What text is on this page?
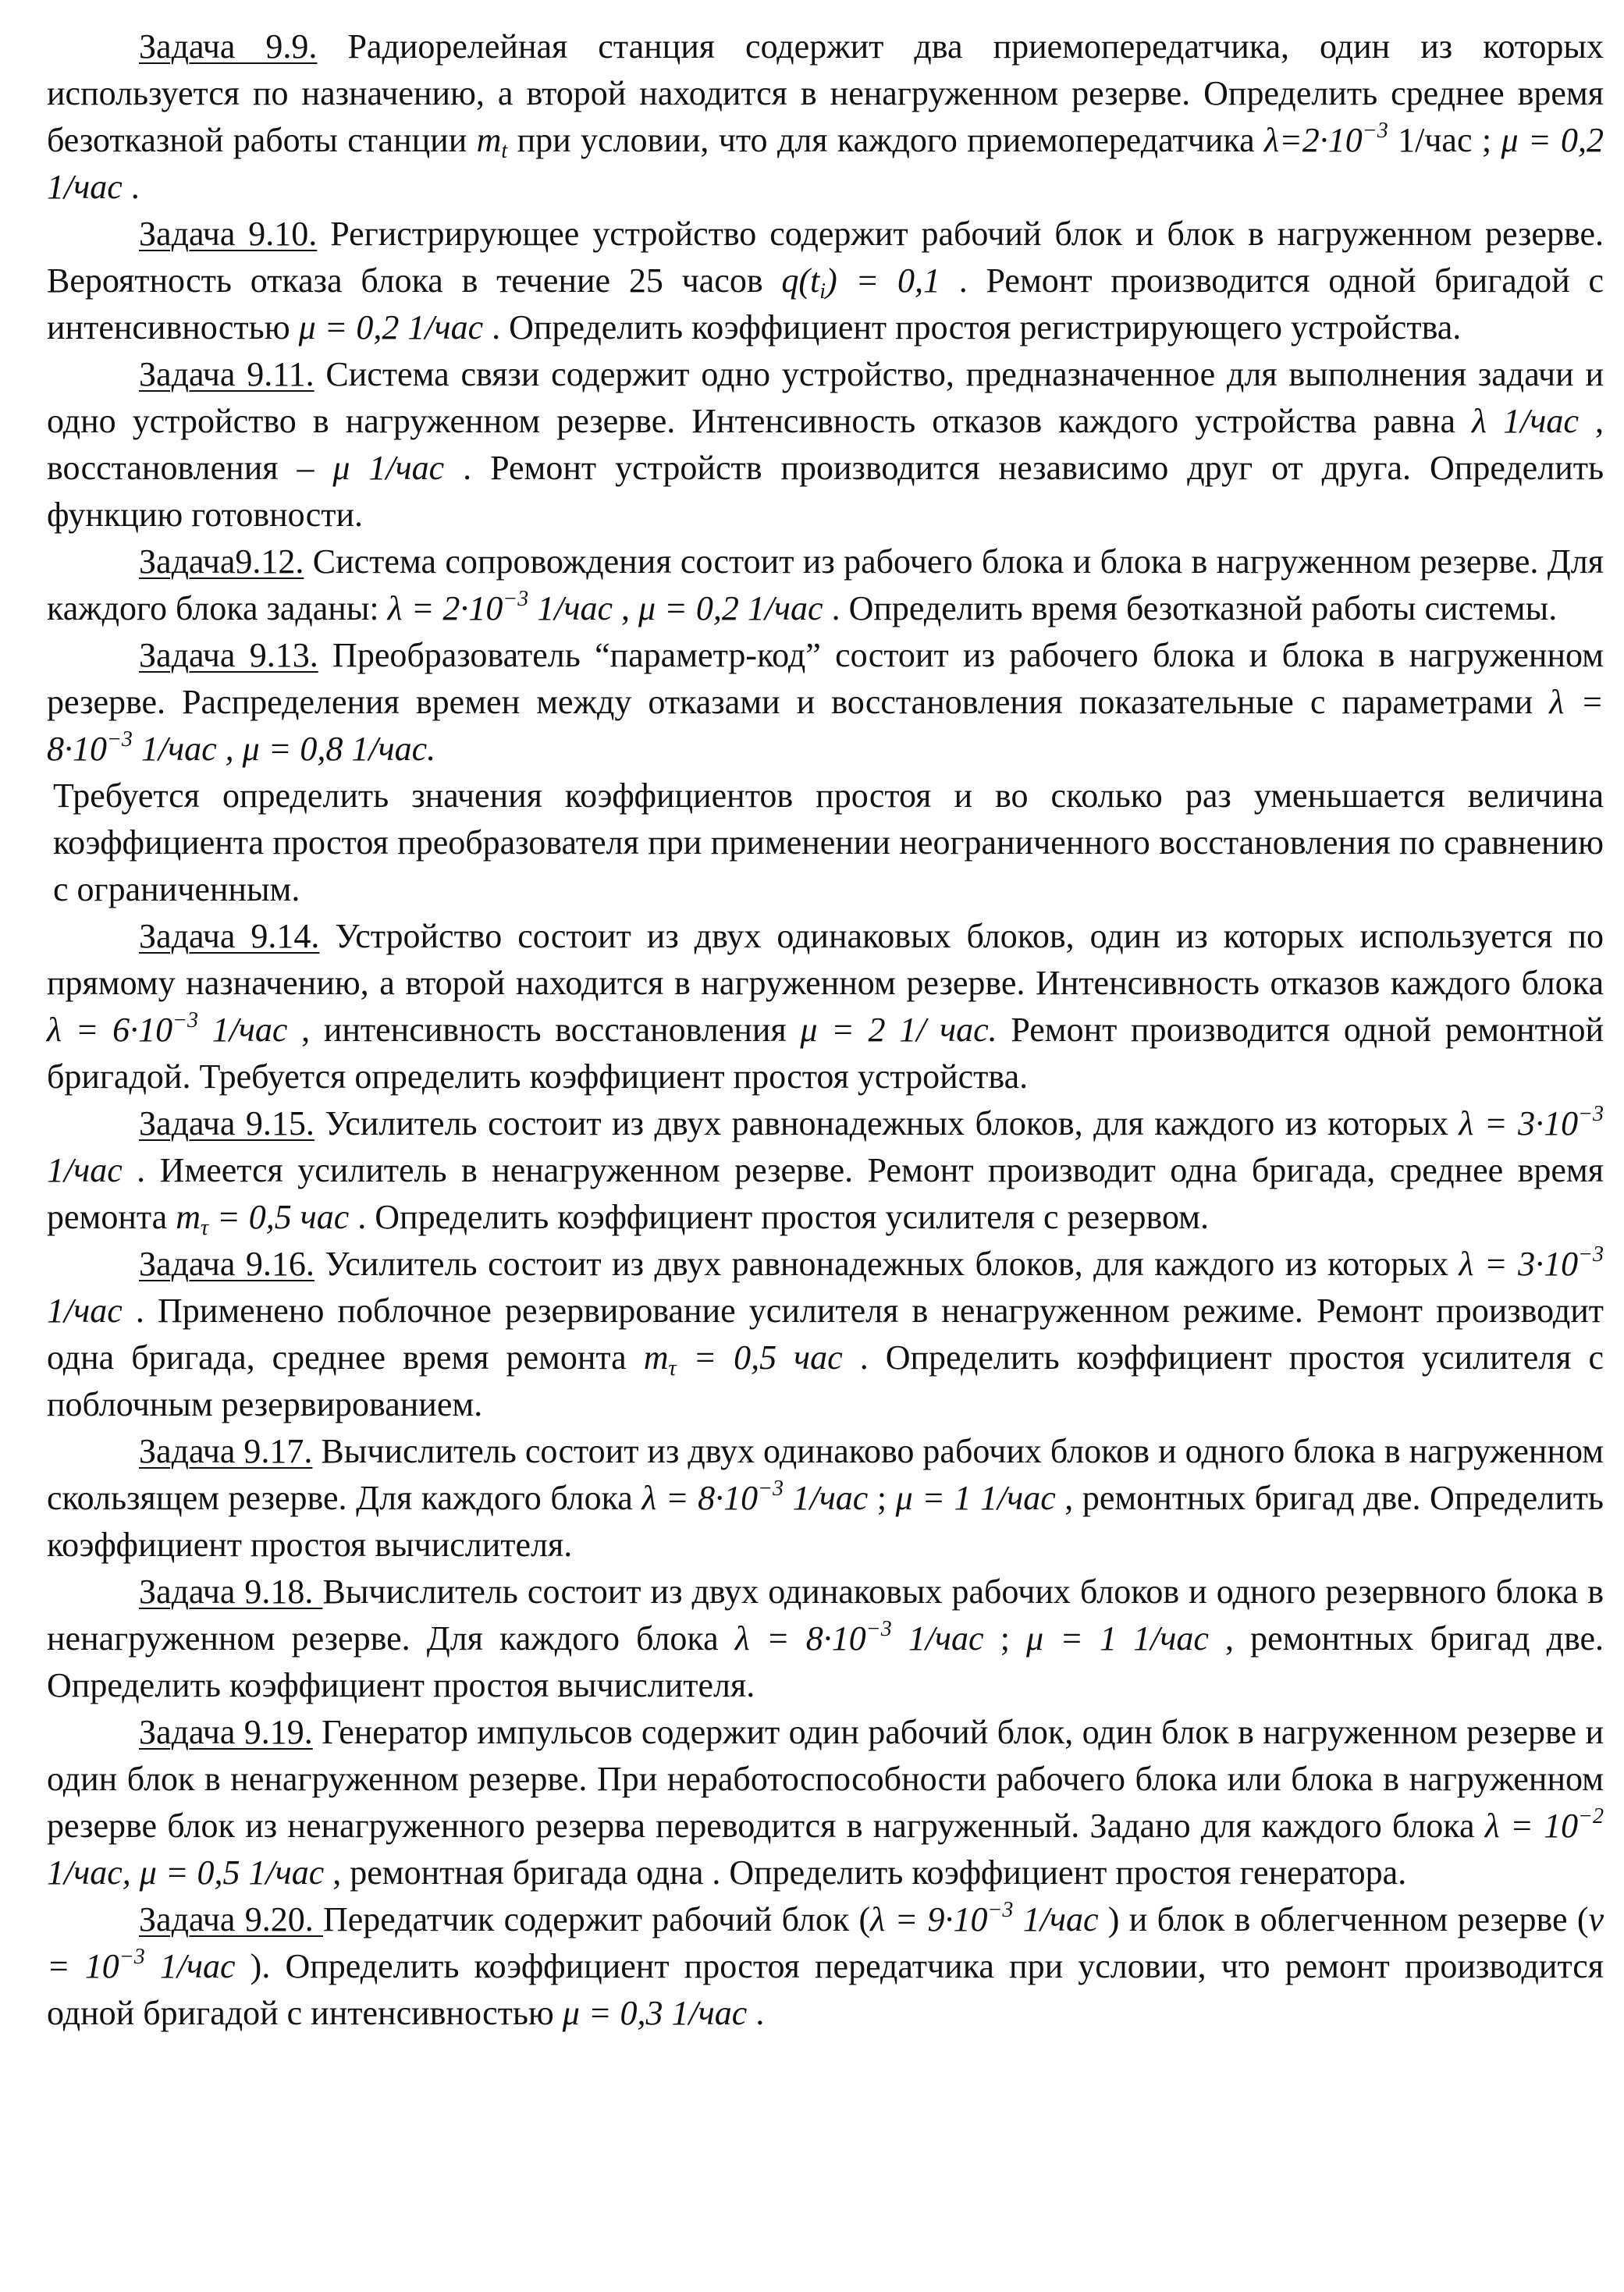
Задача 9.9. Радиорелейная станция содержит два приемопередатчика, один из которых используется по назначению, а второй находится в ненагруженном резерве. Определить среднее время безотказной работы станции $m_t$ при условии, что для каждого приемопередатчика $\lambda=2\cdot 10^{-3}$ 1/час ; μ = 0,2 1/час .

Задача 9.10. Регистрирующее устройство содержит рабочий блок и блок в нагруженном резерве. Вероятность отказа блока в течение 25 часов $q(t_i) = 0,1$ . Ремонт производится одной бригадой с интенсивностью μ = 0,2 1/час . Определить коэффициент простоя регистрирующего устройства.

Задача 9.11. Система связи содержит одно устройство, предназначенное для выполнения задачи и одно устройство в нагруженном резерве. Интенсивность отказов каждого устройства равна λ 1/час , восстановления – μ 1/час . Ремонт устройств производится независимо друг от друга. Определить функцию готовности.

Задача9.12. Система сопровождения состоит из рабочего блока и блока в нагруженном резерве. Для каждого блока заданы: $\lambda = 2\cdot 10^{-3}$ 1/час , μ = 0,2 1/час . Определить время безотказной работы системы.

Задача 9.13. Преобразователь “параметр-код” состоит из рабочего блока и блока в нагруженном резерве. Распределения времен между отказами и восстановления показательные с параметрами $\lambda = 8\cdot 10^{-3}$ 1/час , μ = 0,8 1/час.

Требуется определить значения коэффициентов простоя и во сколько раз уменьшается величина коэффициента простоя преобразователя при применении неограниченного восстановления по сравнению с ограниченным.

Задача 9.14. Устройство состоит из двух одинаковых блоков, один из которых используется по прямому назначению, а второй находится в нагруженном резерве. Интенсивность отказов каждого блока $\lambda = 6\cdot 10^{-3}$ 1/час , интенсивность восстановления μ = 2 1/ час. Ремонт производится одной ремонтной бригадой. Требуется определить коэффициент простоя устройства.

Задача 9.15. Усилитель состоит из двух равнонадежных блоков, для каждого из которых $\lambda = 3\cdot 10^{-3}$ 1/час . Имеется усилитель в ненагруженном резерве. Ремонт производит одна бригада, среднее время ремонта $m_\tau = 0,5$ час . Определить коэффициент простоя усилителя с резервом.

Задача 9.16. Усилитель состоит из двух равнонадежных блоков, для каждого из которых $\lambda = 3\cdot 10^{-3}$ 1/час . Применено поблочное резервирование усилителя в ненагруженном режиме. Ремонт производит одна бригада, среднее время ремонта $m_\tau = 0,5$ час . Определить коэффициент простоя усилителя с поблочным резервированием.

Задача 9.17. Вычислитель состоит из двух одинаково рабочих блоков и одного блока в нагруженном скользящем резерве. Для каждого блока $\lambda = 8\cdot 10^{-3}$ 1/час ; μ = 1 1/час , ремонтных бригад две. Определить коэффициент простоя вычислителя.

Задача 9.18. Вычислитель состоит из двух одинаковых рабочих блоков и одного резервного блока в ненагруженном резерве. Для каждого блока $\lambda = 8\cdot 10^{-3}$ 1/час ; μ = 1 1/час , ремонтных бригад две. Определить коэффициент простоя вычислителя.

Задача 9.19. Генератор импульсов содержит один рабочий блок, один блок в нагруженном резерве и один блок в ненагруженном резерве. При неработоспособности рабочего блока или блока в нагруженном резерве блок из ненагруженного резерва переводится в нагруженный. Задано для каждого блока $\lambda = 10^{-2}$ 1/час, μ = 0,5 1/час , ремонтная бригада одна . Определить коэффициент простоя генератора.

Задача 9.20. Передатчик содержит рабочий блок ($\lambda = 9\cdot 10^{-3}$ 1/час ) и блок в облегченном резерве ($\nu = 10^{-3}$ 1/час ). Определить коэффициент простоя передатчика при условии, что ремонт производится одной бригадой с интенсивностью μ = 0,3 1/час .
